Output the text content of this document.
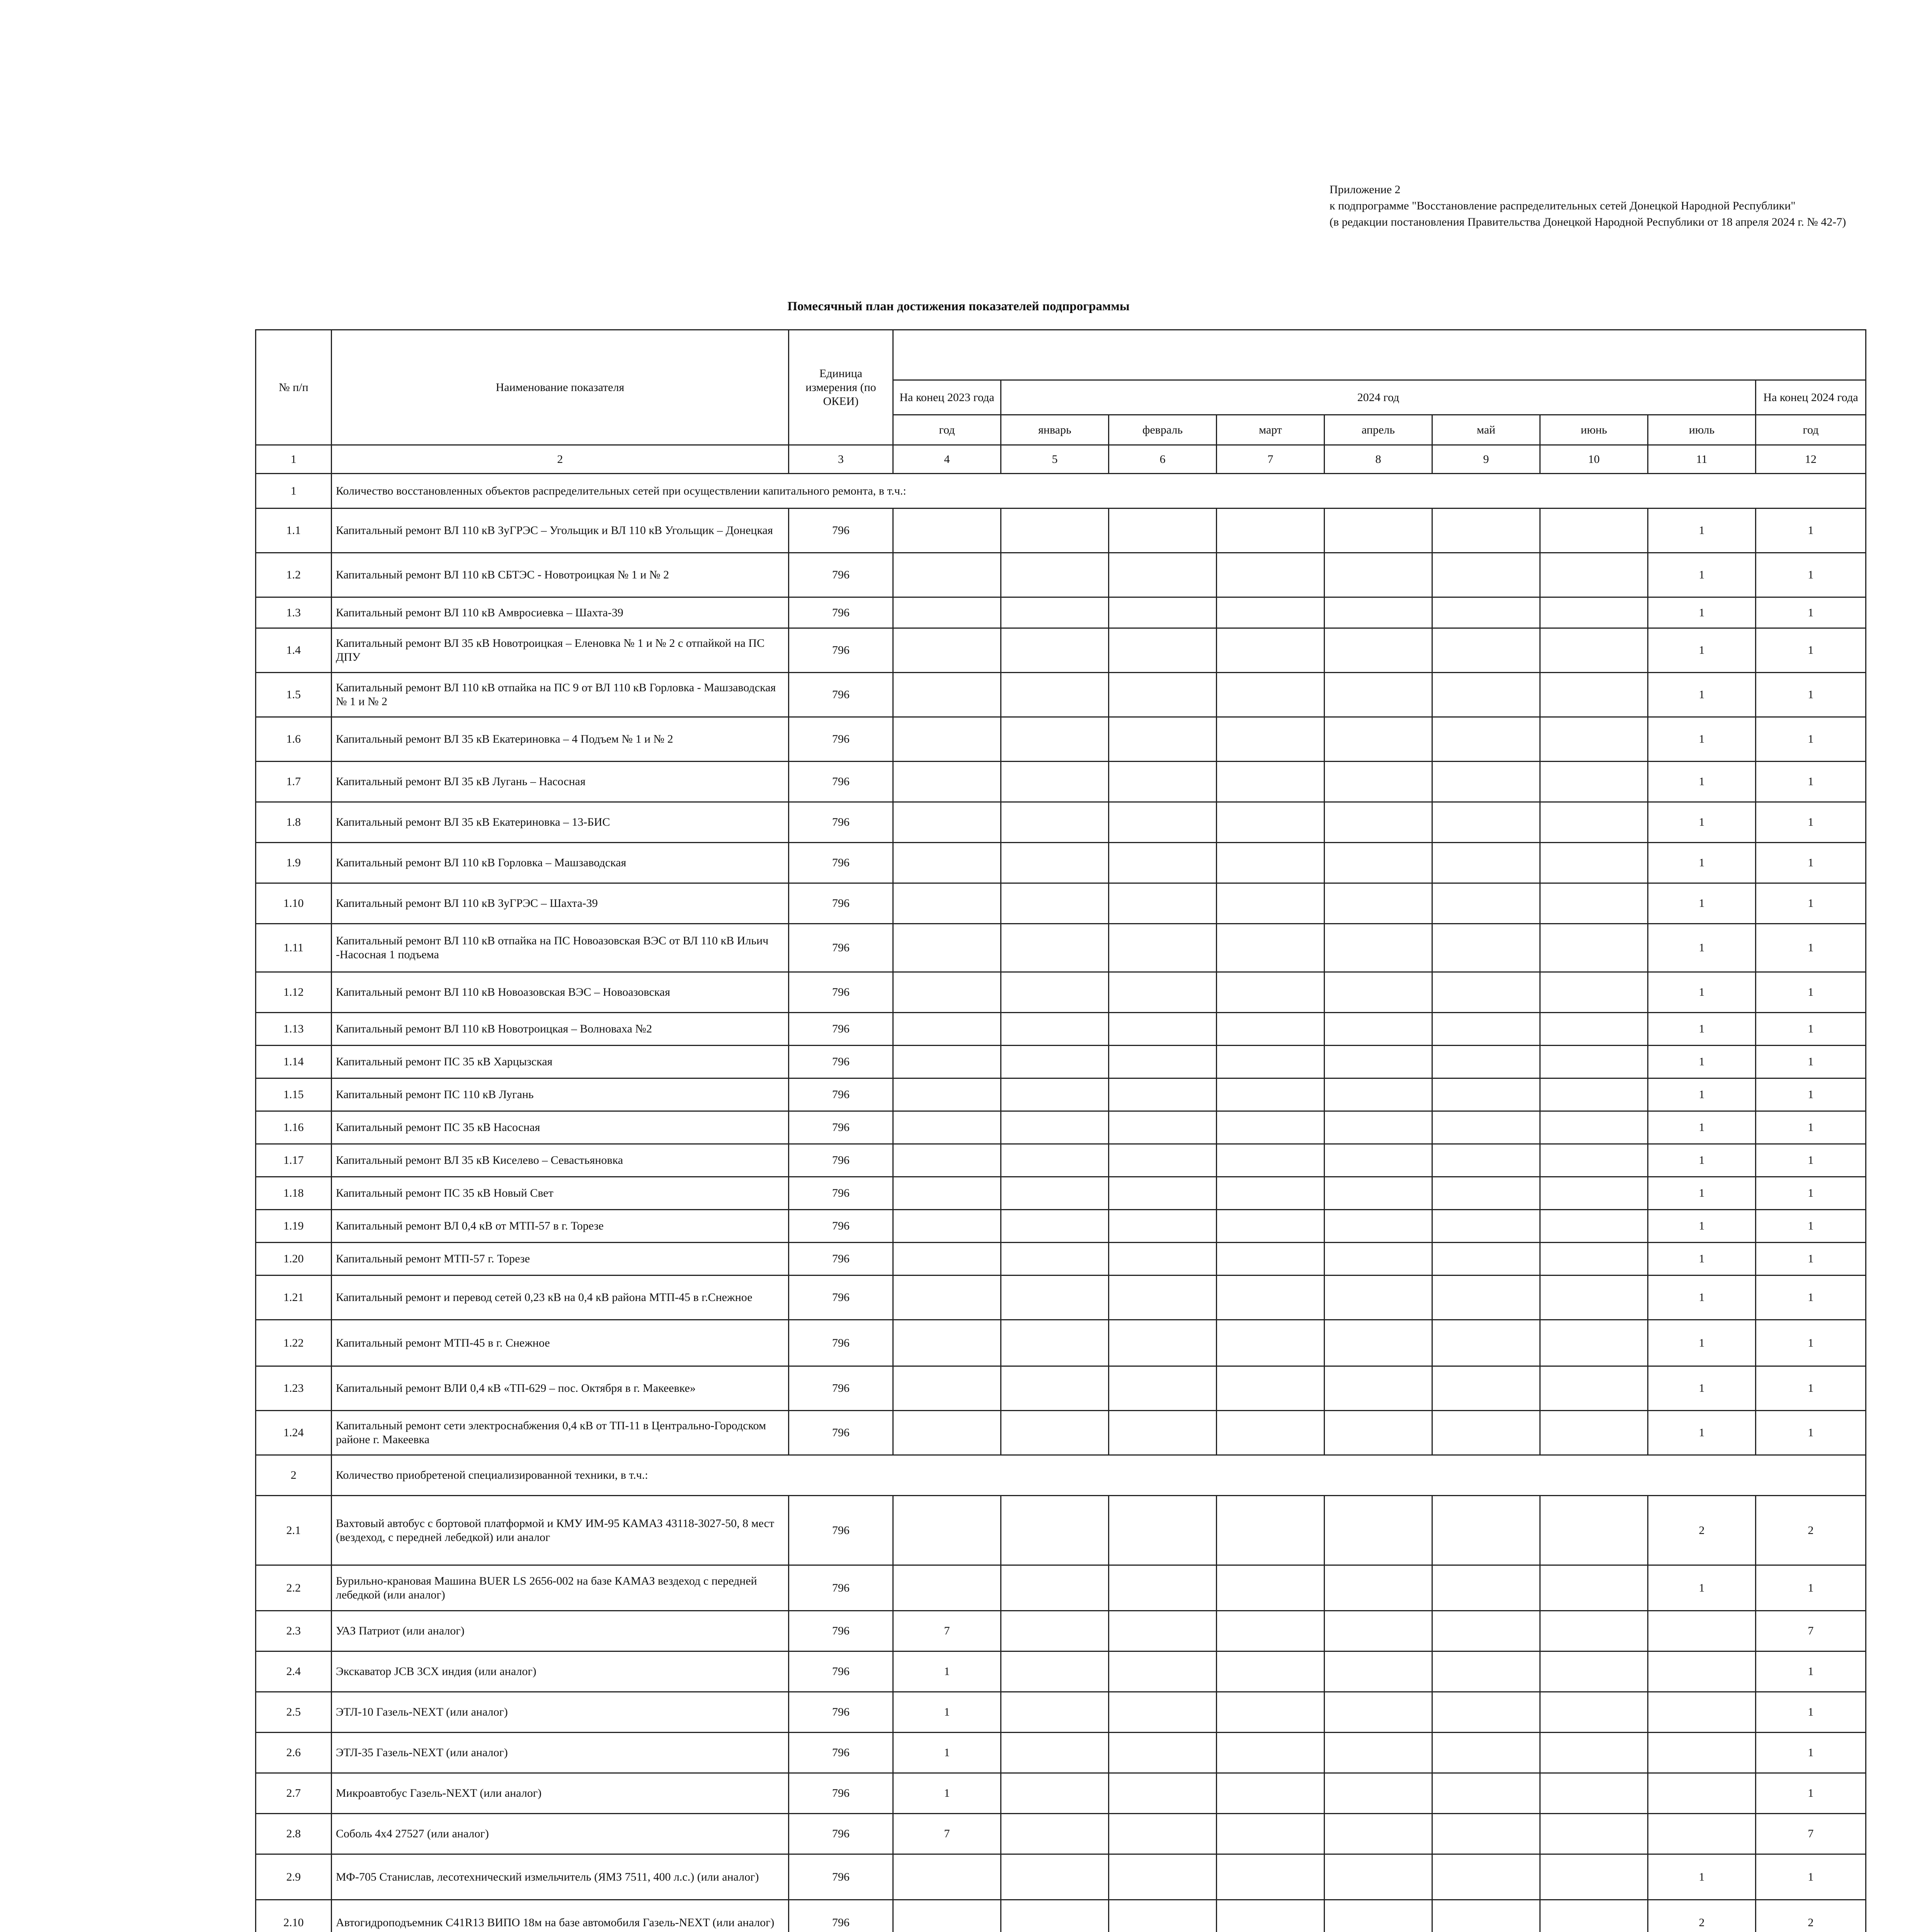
Приложение 2
к подпрограмме "Восстановление распределительных сетей Донецкой Народной Республики"
(в редакции постановления Правительства Донецкой Народной Республики от 18 апреля 2024 г. № 42-7)
Помесячный план достижения показателей подпрограммы
№ п/п	Наименование показателя	Единица измерения (по ОКЕИ)									
			На конец 2023 года	2024 год							На конец 2024 года
			год	январь	февраль	март	апрель	май	июнь	июль	год
1	2	3	4	5	6	7	8	9	10	11	12
1	Количество восстановленных объектов распределительных сетей при осуществлении капитального ремонта, в т.ч.:										
1.1	Капитальный ремонт ВЛ 110 кВ ЗуГРЭС – Угольщик и ВЛ 110 кВ Угольщик – Донецкая	796								1	1
1.2	Капитальный ремонт ВЛ 110 кВ СБТЭС - Новотроицкая № 1 и № 2	796								1	1
1.3	Капитальный ремонт ВЛ 110 кВ Амвросиевка – Шахта-39	796								1	1
1.4	Капитальный ремонт ВЛ 35 кВ Новотроицкая – Еленовка № 1 и № 2 с отпайкой на ПС ДПУ	796								1	1
1.5	Капитальный ремонт ВЛ 110 кВ отпайка на ПС 9 от ВЛ 110 кВ Горловка - Машзаводская № 1 и № 2	796								1	1
1.6	Капитальный ремонт ВЛ 35 кВ Екатериновка – 4 Подъем № 1 и № 2	796								1	1
1.7	Капитальный ремонт ВЛ 35 кВ Лугань – Насосная	796								1	1
1.8	Капитальный ремонт ВЛ 35 кВ Екатериновка – 13-БИС	796								1	1
1.9	Капитальный ремонт ВЛ 110 кВ Горловка – Машзаводская	796								1	1
1.10	Капитальный ремонт ВЛ 110 кВ ЗуГРЭС – Шахта-39	796								1	1
1.11	Капитальный ремонт ВЛ 110 кВ отпайка на ПС Новоазовская ВЭС от ВЛ 110 кВ Ильич -Насосная 1 подъема	796								1	1
1.12	Капитальный ремонт ВЛ 110 кВ Новоазовская ВЭС – Новоазовская	796								1	1
1.13	Капитальный ремонт ВЛ 110 кВ Новотроицкая – Волноваха №2	796								1	1
1.14	Капитальный ремонт ПС 35 кВ Харцызская	796								1	1
1.15	Капитальный ремонт ПС 110 кВ Лугань	796								1	1
1.16	Капитальный ремонт ПС 35 кВ Насосная	796								1	1
1.17	Капитальный ремонт ВЛ 35 кВ Киселево – Севастьяновка	796								1	1
1.18	Капитальный ремонт ПС 35 кВ Новый Свет	796								1	1
1.19	Капитальный ремонт ВЛ 0,4 кВ от МТП-57 в г. Торезе	796								1	1
1.20	Капитальный ремонт МТП-57 г. Торезе	796								1	1
1.21	Капитальный ремонт и перевод сетей 0,23 кВ на 0,4 кВ района МТП-45 в г.Снежное	796								1	1
1.22	Капитальный ремонт МТП-45 в г. Снежное	796								1	1
1.23	Капитальный ремонт ВЛИ 0,4 кВ «ТП-629 – пос. Октября в г. Макеевке»	796								1	1
1.24	Капитальный ремонт сети электроснабжения 0,4 кВ от ТП-11 в Центрально-Городском районе г. Макеевка	796								1	1
2	Количество приобретеной специализированной техники, в т.ч.:										
2.1	Вахтовый автобус с бортовой платформой и КМУ ИМ-95 КАМАЗ 43118-3027-50, 8 мест (вездеход, с передней лебедкой) или аналог	796								2	2
2.2	Бурильно-крановая Машина BUER LS 2656-002 на базе КАМАЗ вездеход с передней лебедкой (или аналог)	796								1	1
2.3	УАЗ Патриот (или аналог)	796	7								7
2.4	Экскаватор JCB 3CX индия (или аналог)	796	1								1
2.5	ЭТЛ-10 Газель-NEXT (или аналог)	796	1								1
2.6	ЭТЛ-35 Газель-NEXT (или аналог)	796	1								1
2.7	Микроавтобус Газель-NEXT (или аналог)	796	1								1
2.8	Соболь 4x4 27527 (или аналог)	796	7								7
2.9	МФ-705 Станислав, лесотехнический измельчитель (ЯМЗ 7511, 400 л.с.) (или аналог)	796								1	1
2.10	Автогидроподъемник С41R13 ВИПО 18м на базе автомобиля Газель-NEXT (или аналог)	796								2	2
